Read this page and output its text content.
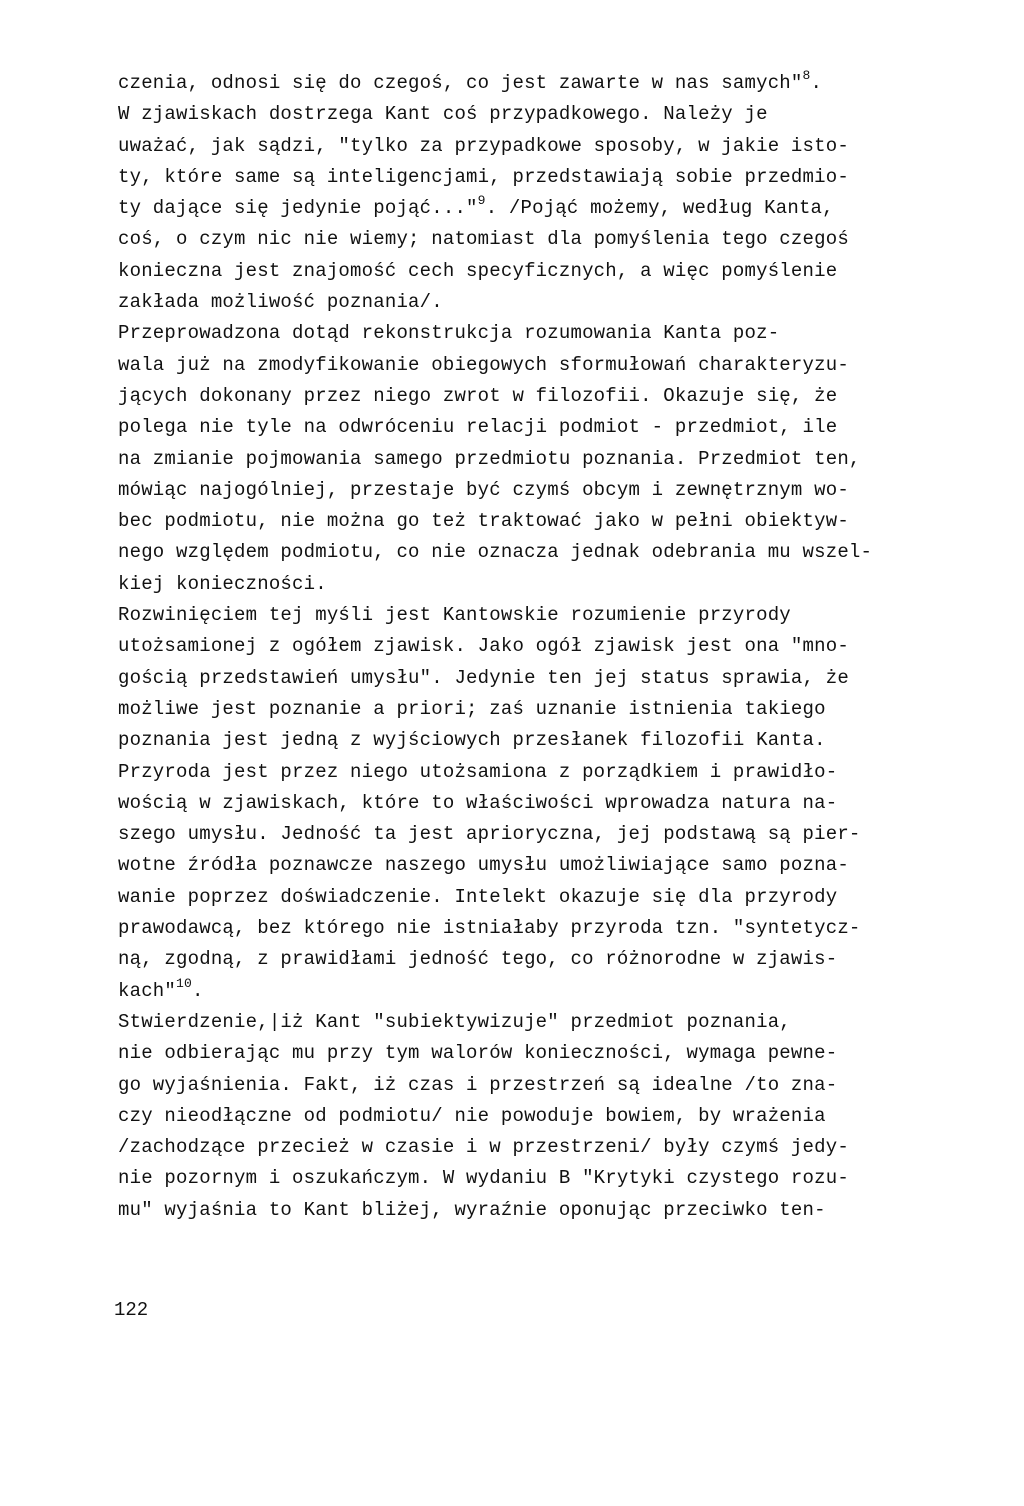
czenia, odnosi się do czegoś, co jest zawarte w nas samych"$^8$.
W zjawiskach dostrzega Kant coś przypadkowego. Należy je
uważać, jak sądzi, "tylko za przypadkowe sposoby, w jakie isto-
ty, które same są inteligencjami, przedstawiają sobie przedmio-
ty dające się jedynie pojąć..."$^9$. /Pojąć możemy, według Kanta,
coś, o czym nic nie wiemy; natomiast dla pomyślenia tego czegoś
konieczna jest znajomość cech specyficznych, a więc pomyślenie
zakłada możliwość poznania/.
Przeprowadzona dotąd rekonstrukcja rozumowania Kanta poz-
wala już na zmodyfikowanie obiegowych sformułowań charakteryzu-
jących dokonany przez niego zwrot w filozofii. Okazuje się, że
polega nie tyle na odwróceniu relacji podmiot - przedmiot, ile
na zmianie pojmowania samego przedmiotu poznania. Przedmiot ten,
mówiąc najogólniej, przestaje być czymś obcym i zewnętrznym wo-
bec podmiotu, nie można go też traktować jako w pełni obiektyw-
nego względem podmiotu, co nie oznacza jednak odebrania mu wszel-
kiej konieczności.
Rozwinięciem tej myśli jest Kantowskie rozumienie przyrody
utożsamionej z ogółem zjawisk. Jako ogół zjawisk jest ona "mno-
gością przedstawień umysłu". Jedynie ten jej status sprawia, że
możliwe jest poznanie a priori; zaś uznanie istnienia takiego
poznania jest jedną z wyjściowych przesłanek filozofii Kanta.
Przyroda jest przez niego utożsamiona z porządkiem i prawidło-
wością w zjawiskach, które to właściwości wprowadza natura na-
szego umysłu. Jedność ta jest aprioryczna, jej podstawą są pier-
wotne źródła poznawcze naszego umysłu umożliwiające samo pozna-
wanie poprzez doświadczenie. Intelekt okazuje się dla przyrody
prawodawcą, bez którego nie istniałaby przyroda tzn. "syntetycz-
ną, zgodną, z prawidłami jedność tego, co różnorodne w zjawis-
kach"$^{10}$.
Stwierdzenie,|iż Kant "subiektywizuje" przedmiot poznania,
nie odbierając mu przy tym walorów konieczności, wymaga pewne-
go wyjaśnienia. Fakt, iż czas i przestrzeń są idealne /to zna-
czy nieodłączne od podmiotu/ nie powoduje bowiem, by wrażenia
/zachodzące przecież w czasie i w przestrzeni/ były czymś jedy-
nie pozornym i oszukańczym. W wydaniu B "Krytyki czystego rozu-
mu" wyjaśnia to Kant bliżej, wyraźnie oponując przeciwko ten-
122
